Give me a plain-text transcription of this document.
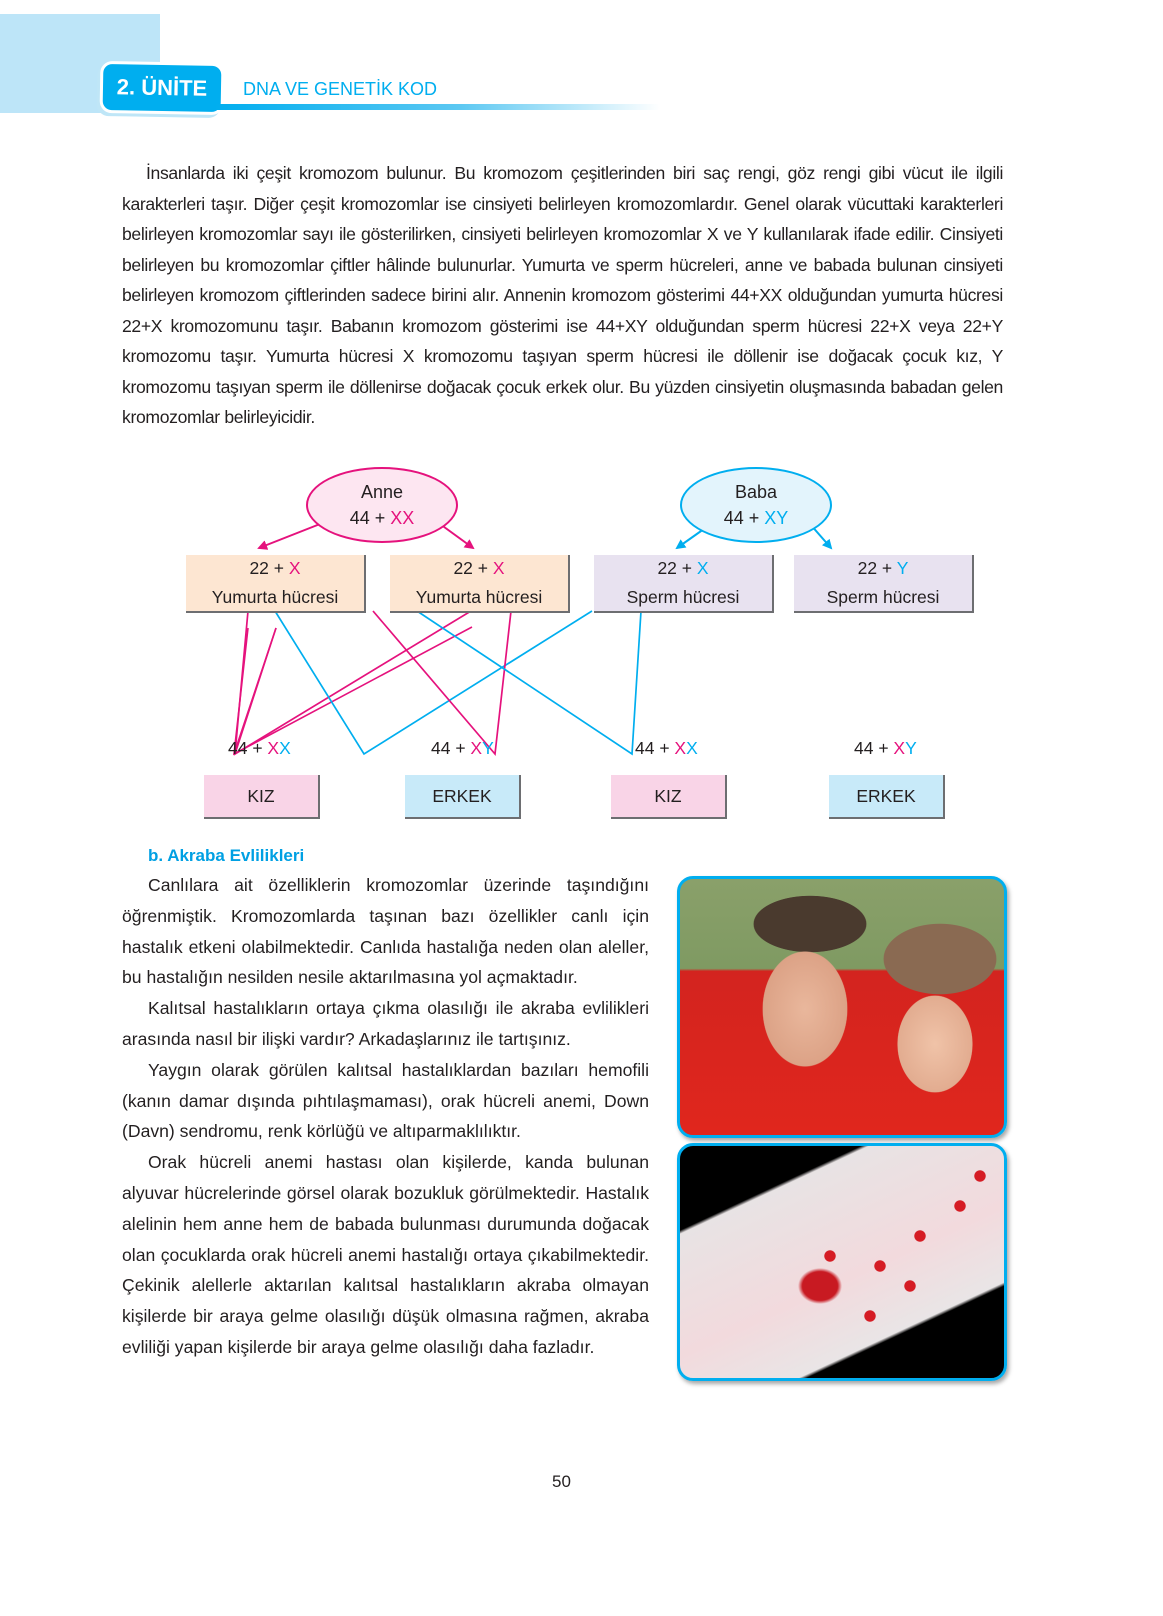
2. ÜNİTE	DNA VE GENETİK KOD

İnsanlarda iki çeşit kromozom bulunur. Bu kromozom çeşitlerinden biri saç rengi, göz rengi gibi vücut ile ilgili karakterleri taşır. Diğer çeşit kromozomlar ise cinsiyeti belirleyen kromozomlardır. Genel olarak vücuttaki karakterleri belirleyen kromozomlar sayı ile gösterilirken, cinsiyeti belirleyen kromozomlar X ve Y kullanılarak ifade edilir. Cinsiyeti belirleyen bu kromozomlar çiftler hâlinde bulunurlar. Yumurta ve sperm hücreleri, anne ve babada bulunan cinsiyeti belirleyen kromozom çiftlerinden sadece birini alır. Annenin kromozom gösterimi 44+XX olduğundan yumurta hücresi 22+X kromozomunu taşır. Babanın kromozom gösterimi ise 44+XY olduğundan sperm hücresi 22+X veya 22+Y kromozomu taşır. Yumurta hücresi X kromozomu taşıyan sperm hücresi ile döllenir ise doğacak çocuk kız, Y kromozomu taşıyan sperm ile döllenirse doğacak çocuk erkek olur. Bu yüzden cinsiyetin oluşmasında babadan gelen kromozomlar belirleyicidir.

Anne
44 + XX
Baba
44 + XY
22 + X
Yumurta hücresi
22 + X
Yumurta hücresi
22 + X
Sperm hücresi
22 + Y
Sperm hücresi
44 + XX	44 + XY	44 + XX	44 + XY
KIZ	ERKEK	KIZ	ERKEK
b. Akraba Evlilikleri

Canlılara ait özelliklerin kromozomlar üzerinde taşındığını öğrenmiştik. Kromozomlarda taşınan bazı özellikler canlı için hastalık etkeni olabilmektedir. Canlıda hastalığa neden olan aleller, bu hastalığın nesilden nesile aktarılmasına yol açmaktadır.

Kalıtsal hastalıkların ortaya çıkma olasılığı ile akraba evlilikleri arasında nasıl bir ilişki vardır? Arkadaşlarınız ile tartışınız.

Yaygın olarak görülen kalıtsal hastalıklardan bazıları hemofili (kanın damar dışında pıhtılaşmaması), orak hücreli anemi, Down (Davn) sendromu, renk körlüğü ve altıparmaklılıktır.

Orak hücreli anemi hastası olan kişilerde, kanda bulunan alyuvar hücrelerinde görsel olarak bozukluk görülmektedir. Hastalık alelinin hem anne hem de babada bulunması durumunda doğacak olan çocuklarda orak hücreli anemi hastalığı ortaya çıkabilmektedir. Çekinik alellerle aktarılan kalıtsal hastalıkların akraba olmayan kişilerde bir araya gelme olasılığı düşük olmasına rağmen, akraba evliliği yapan kişilerde bir araya gelme olasılığı daha fazladır.

50
